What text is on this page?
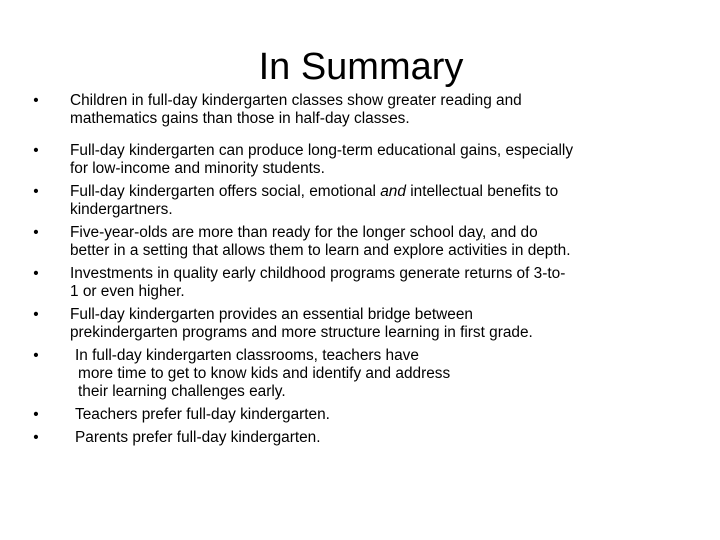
In Summary
• Children in full-day kindergarten classes show greater reading and
mathematics gains than those in half-day classes.
• Full-day kindergarten can produce long-term educational gains, especially
for low-income and minority students.
• Full-day kindergarten offers social, emotional and intellectual benefits to
kindergartners.
• Five-year-olds are more than ready for the longer school day, and do
better in a setting that allows them to learn and explore activities in depth.
• Investments in quality early childhood programs generate returns of 3-to-
1 or even higher.
• Full-day kindergarten provides an essential bridge between
prekindergarten programs and more structure learning in first grade.
• In full-day kindergarten classrooms, teachers have
more time to get to know kids and identify and address
their learning challenges early.
• Teachers prefer full-day kindergarten.
• Parents prefer full-day kindergarten.
